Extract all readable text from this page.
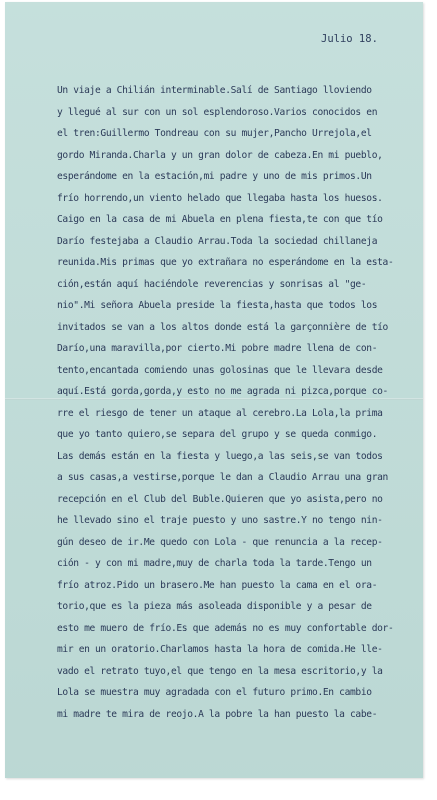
Julio 18.
Un viaje a Chilián interminable.Salí de Santiago lloviendo
y llegué al sur con un sol esplendoroso.Varios conocidos en
el tren:Guillermo Tondreau con su mujer,Pancho Urrejola,el
gordo Miranda.Charla y un gran dolor de cabeza.En mi pueblo,
esperándome en la estación,mi padre y uno de mis primos.Un
frío horrendo,un viento helado que llegaba hasta los huesos.
Caigo en la casa de mi Abuela en plena fiesta,te con que tío
Darío festejaba a Claudio Arrau.Toda la sociedad chillaneja
reunida.Mis primas que yo extrañara no esperándome en la esta-
ción,están aquí haciéndole reverencias y sonrisas al "ge-
nio".Mi señora Abuela preside la fiesta,hasta que todos los
invitados se van a los altos donde está la garçonnière de tío
Darío,una maravilla,por cierto.Mi pobre madre llena de con-
tento,encantada comiendo unas golosinas que le llevara desde
aquí.Está gorda,gorda,y esto no me agrada ni pizca,porque co-
rre el riesgo de tener un ataque al cerebro.La Lola,la prima
que yo tanto quiero,se separa del grupo y se queda conmigo.
Las demás están en la fiesta y luego,a las seis,se van todos
a sus casas,a vestirse,porque le dan a Claudio Arrau una gran
recepción en el Club del Buble.Quieren que yo asista,pero no
he llevado sino el traje puesto y uno sastre.Y no tengo nin-
gún deseo de ir.Me quedo con Lola - que renuncia a la recep-
ción - y con mi madre,muy de charla toda la tarde.Tengo un
frío atroz.Pido un brasero.Me han puesto la cama en el ora-
torio,que es la pieza más asoleada disponible y a pesar de
esto me muero de frío.Es que además no es muy confortable dor-
mir en un oratorio.Charlamos hasta la hora de comida.He lle-
vado el retrato tuyo,el que tengo en la mesa escritorio,y la
Lola se muestra muy agradada con el futuro primo.En cambio
mi madre te mira de reojo.A la pobre la han puesto la cabe-
